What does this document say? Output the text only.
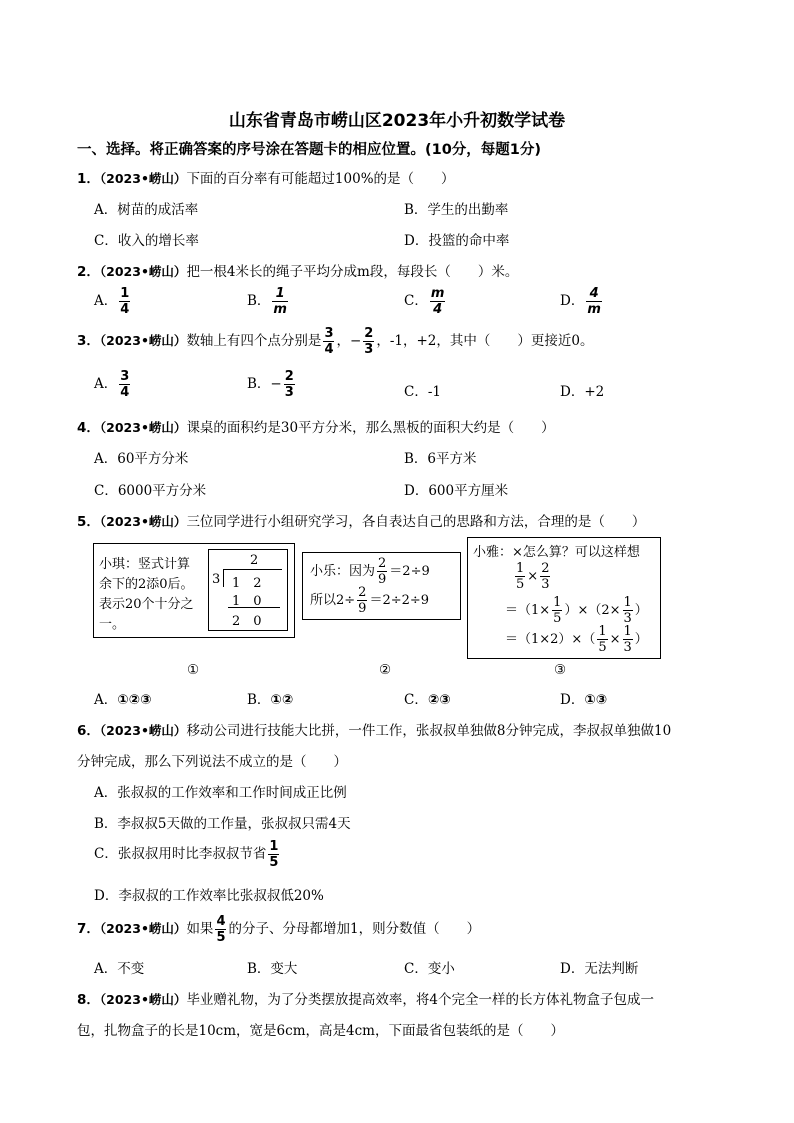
山东省青岛市崂山区2023年小升初数学试卷
一、选择。将正确答案的序号涂在答题卡的相应位置。(10分，每题1分)
1．（2023•崂山）下面的百分率有可能超过100%的是（　　）
A．树苗的成活率	B．学生的出勤率
C．收入的增长率	D．投篮的命中率
2．（2023•崂山）把一根4米长的绳子平均分成m段，每段长（　　）米。
A． $\frac{1}{4}$	B． $\frac{1}{m}$	C． $\frac{m}{4}$	D． $\frac{4}{m}$
3．（2023•崂山）数轴上有四个点分别是 $\frac{3}{4}$ ，− $\frac{2}{3}$ ，-1，+2，其中（　　）更接近0。
A． $\frac{3}{4}$	B．− $\frac{2}{3}$	C．-1	D．+2
4．（2023•崂山）课桌的面积约是30平方分米，那么黑板的面积大约是（　　）
A．60平方分米	B．6平方米
C．6000平方分米	D．600平方厘米
5．（2023•崂山）三位同学进行小组研究学习，各自表达自己的思路和方法，合理的是（　　）
小琪：竖式计算
余下的2添0后。
表示20个十分之
一。
2
3 1　2
1　0
2　0
小乐：因为 $\frac{2}{9} =2\div 9$
所以$2\div \frac{2}{9} =2\div 2\div 9$
小雅：×怎么算？可以这样想
$\frac{1}{5} \times \frac{2}{3}$
$=(1\times \frac{1}{5} )\times(2\times \frac{1}{3}$ ）
$=(1\times 2)\times( \frac{1}{5} \times \frac{1}{3}$ ）
①	②	③
A．①②③	B．①②	C．②③	D．①③
6．（2023•崂山）移动公司进行技能大比拼，一件工作，张叔叔单独做8分钟完成，李叔叔单独做10
分钟完成，那么下列说法不成立的是（　　）
A．张叔叔的工作效率和工作时间成正比例
B．李叔叔5天做的工作量，张叔叔只需4天
C．张叔叔用时比李叔叔节省 $\frac{1}{5}$
D．李叔叔的工作效率比张叔叔低20%
7．（2023•崂山）如果 $\frac{4}{5}$ 的分子、分母都增加1，则分数值（　　）
A．不变	B．变大	C．变小	D．无法判断
8．（2023•崂山）毕业赠礼物，为了分类摆放提高效率，将4个完全一样的长方体礼物盒子包成一
包，扎物盒子的长是10cm，宽是6cm，高是4cm，下面最省包装纸的是（　　）
